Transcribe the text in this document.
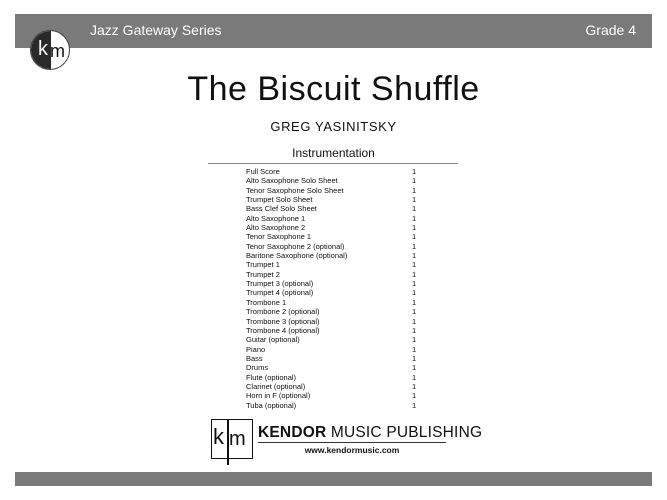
Jazz Gateway Series	Grade 4
k m
The Biscuit Shuffle
GREG YASINITSKY
Instrumentation
Full Score	1
Alto Saxophone Solo Sheet	1
Tenor Saxophone Solo Sheet	1
Trumpet Solo Sheet	1
Bass Clef Solo Sheet	1
Alto Saxophone 1	1
Alto Saxophone 2	1
Tenor Saxophone 1	1
Tenor Saxophone 2 (optional)	1
Baritone Saxophone (optional)	1
Trumpet 1	1
Trumpet 2	1
Trumpet 3 (optional)	1
Trumpet 4 (optional)	1
Trombone 1	1
Trombone 2 (optional)	1
Trombone 3 (optional)	1
Trombone 4 (optional)	1
Guitar (optional)	1
Piano	1
Bass	1
Drums	1
Flute (optional)	1
Clarinet (optional)	1
Horn in F (optional)	1
Tuba (optional)	1
k m KENDOR MUSIC PUBLISHING
www.kendormusic.com
